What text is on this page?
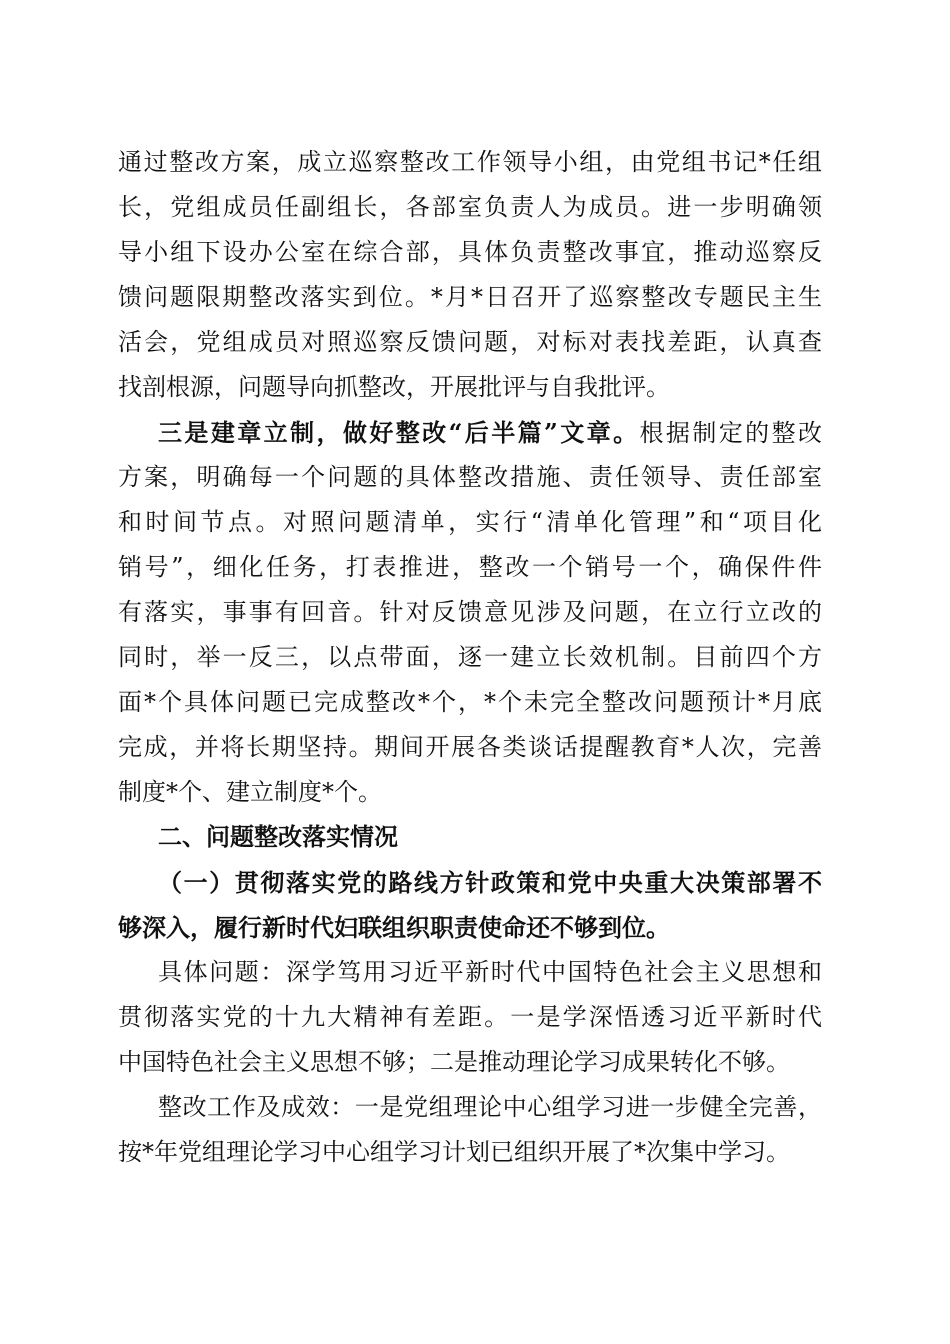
通过整改方案，成立巡察整改工作领导小组，由党组书记*任组
长，党组成员任副组长，各部室负责人为成员。进一步明确领
导小组下设办公室在综合部，具体负责整改事宜，推动巡察反
馈问题限期整改落实到位。*月*日召开了巡察整改专题民主生
活会，党组成员对照巡察反馈问题，对标对表找差距，认真查
找剖根源，问题导向抓整改，开展批评与自我批评。
三是建章立制，做好整改“后半篇”文章。根据制定的整改
方案，明确每一个问题的具体整改措施、责任领导、责任部室
和时间节点。对照问题清单，实行“清单化管理”和“项目化
销号”，细化任务，打表推进，整改一个销号一个，确保件件
有落实，事事有回音。针对反馈意见涉及问题，在立行立改的
同时，举一反三，以点带面，逐一建立长效机制。目前四个方
面*个具体问题已完成整改*个，*个未完全整改问题预计*月底
完成，并将长期坚持。期间开展各类谈话提醒教育*人次，完善
制度*个、建立制度*个。
二、问题整改落实情况
（一）贯彻落实党的路线方针政策和党中央重大决策部署不
够深入，履行新时代妇联组织职责使命还不够到位。
具体问题：深学笃用习近平新时代中国特色社会主义思想和
贯彻落实党的十九大精神有差距。一是学深悟透习近平新时代
中国特色社会主义思想不够；二是推动理论学习成果转化不够。
整改工作及成效：一是党组理论中心组学习进一步健全完善，
按*年党组理论学习中心组学习计划已组织开展了*次集中学习。
